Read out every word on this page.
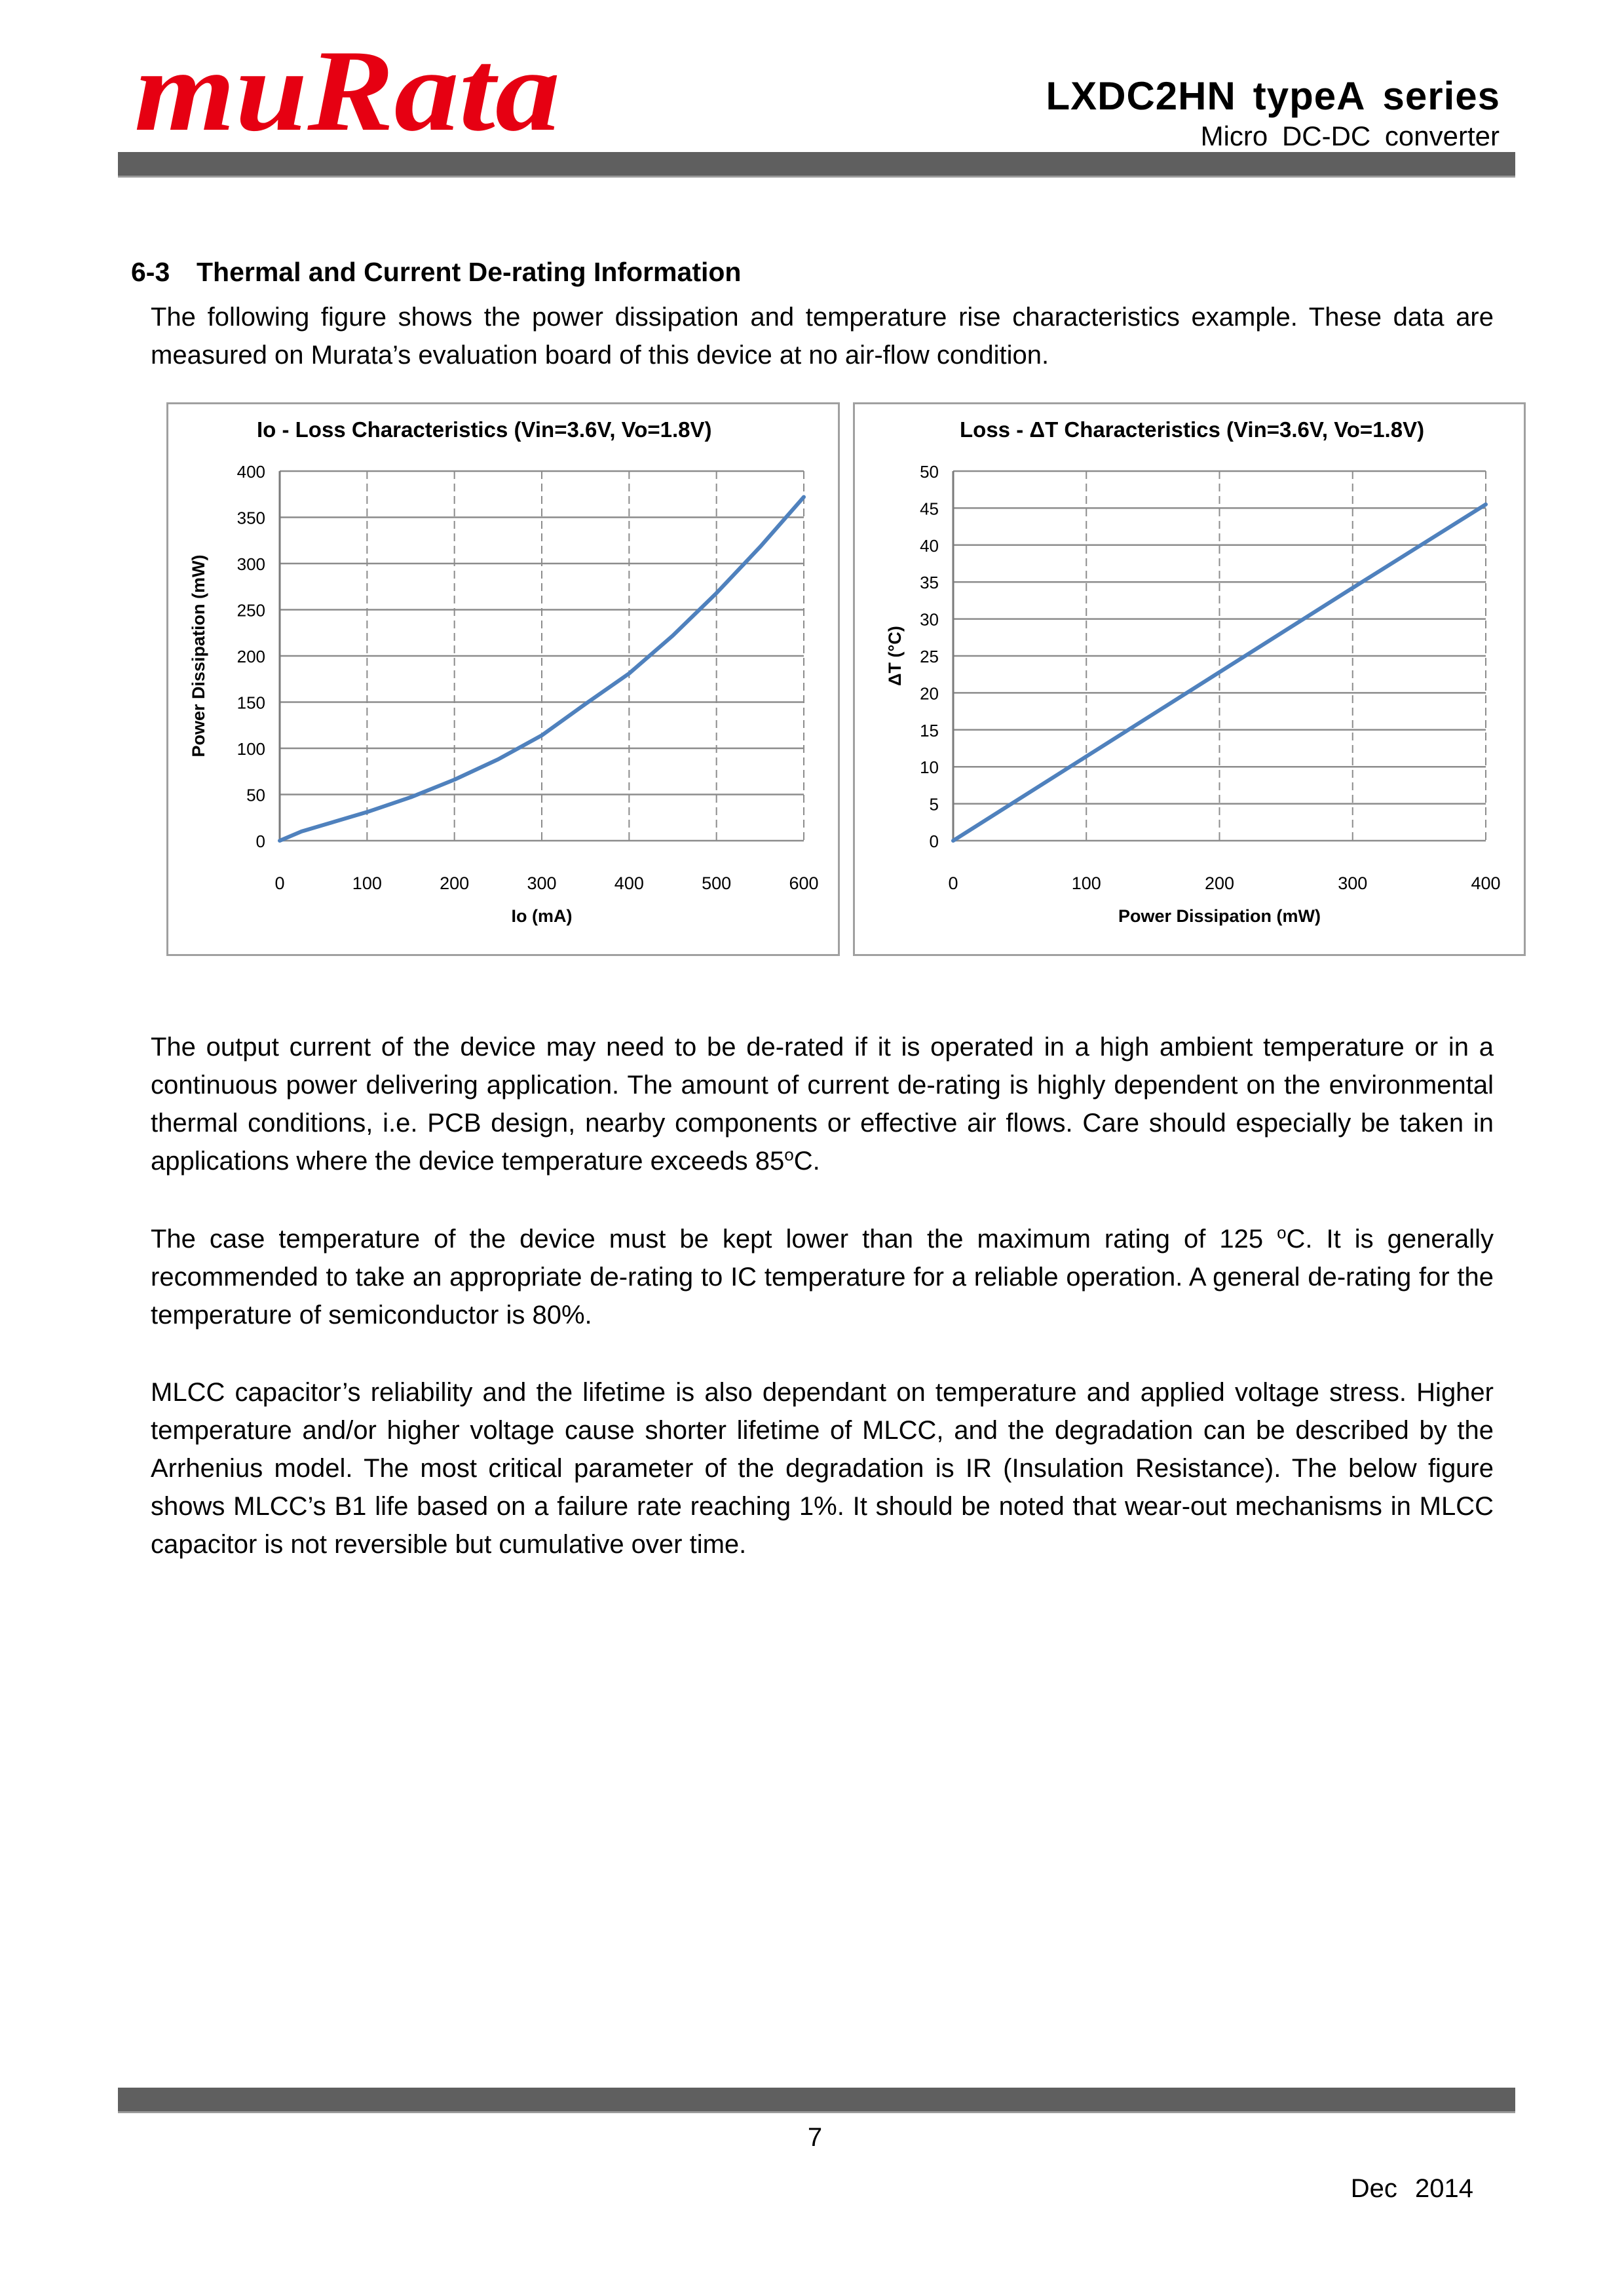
muRata	LXDC2HN typeA series
Micro DC-DC converter
6-3 Thermal and Current De-rating Information
The following figure shows the power dissipation and temperature rise characteristics example. These data are measured on Murata’s evaluation board of this device at no air-flow condition.
Io - Loss Characteristics (Vin=3.6V, Vo=1.8V)
0
50
100
150
200
250
300
350
400
0	100	200	300	400	500	600
Io (mA)
Power Dissipation (mW)
Loss - ΔT Characteristics (Vin=3.6V, Vo=1.8V)
0
5
10
15
20
25
30
35
40
45
50
0	100	200	300	400
Power Dissipation (mW)
ΔT (°C)
The output current of the device may need to be de-rated if it is operated in a high ambient temperature or in a continuous power delivering application. The amount of current de-rating is highly dependent on the environmental thermal conditions, i.e. PCB design, nearby components or effective air flows. Care should especially be taken in applications where the device temperature exceeds 85$^o$C.
The case temperature of the device must be kept lower than the maximum rating of 125 $^o$C. It is generally recommended to take an appropriate de-rating to IC temperature for a reliable operation. A general de-rating for the temperature of semiconductor is 80%.
MLCC capacitor’s reliability and the lifetime is also dependant on temperature and applied voltage stress. Higher temperature and/or higher voltage cause shorter lifetime of MLCC, and the degradation can be described by the Arrhenius model. The most critical parameter of the degradation is IR (Insulation Resistance). The below figure shows MLCC’s B1 life based on a failure rate reaching 1%. It should be noted that wear-out mechanisms in MLCC capacitor is not reversible but cumulative over time.
7
Dec 2014
